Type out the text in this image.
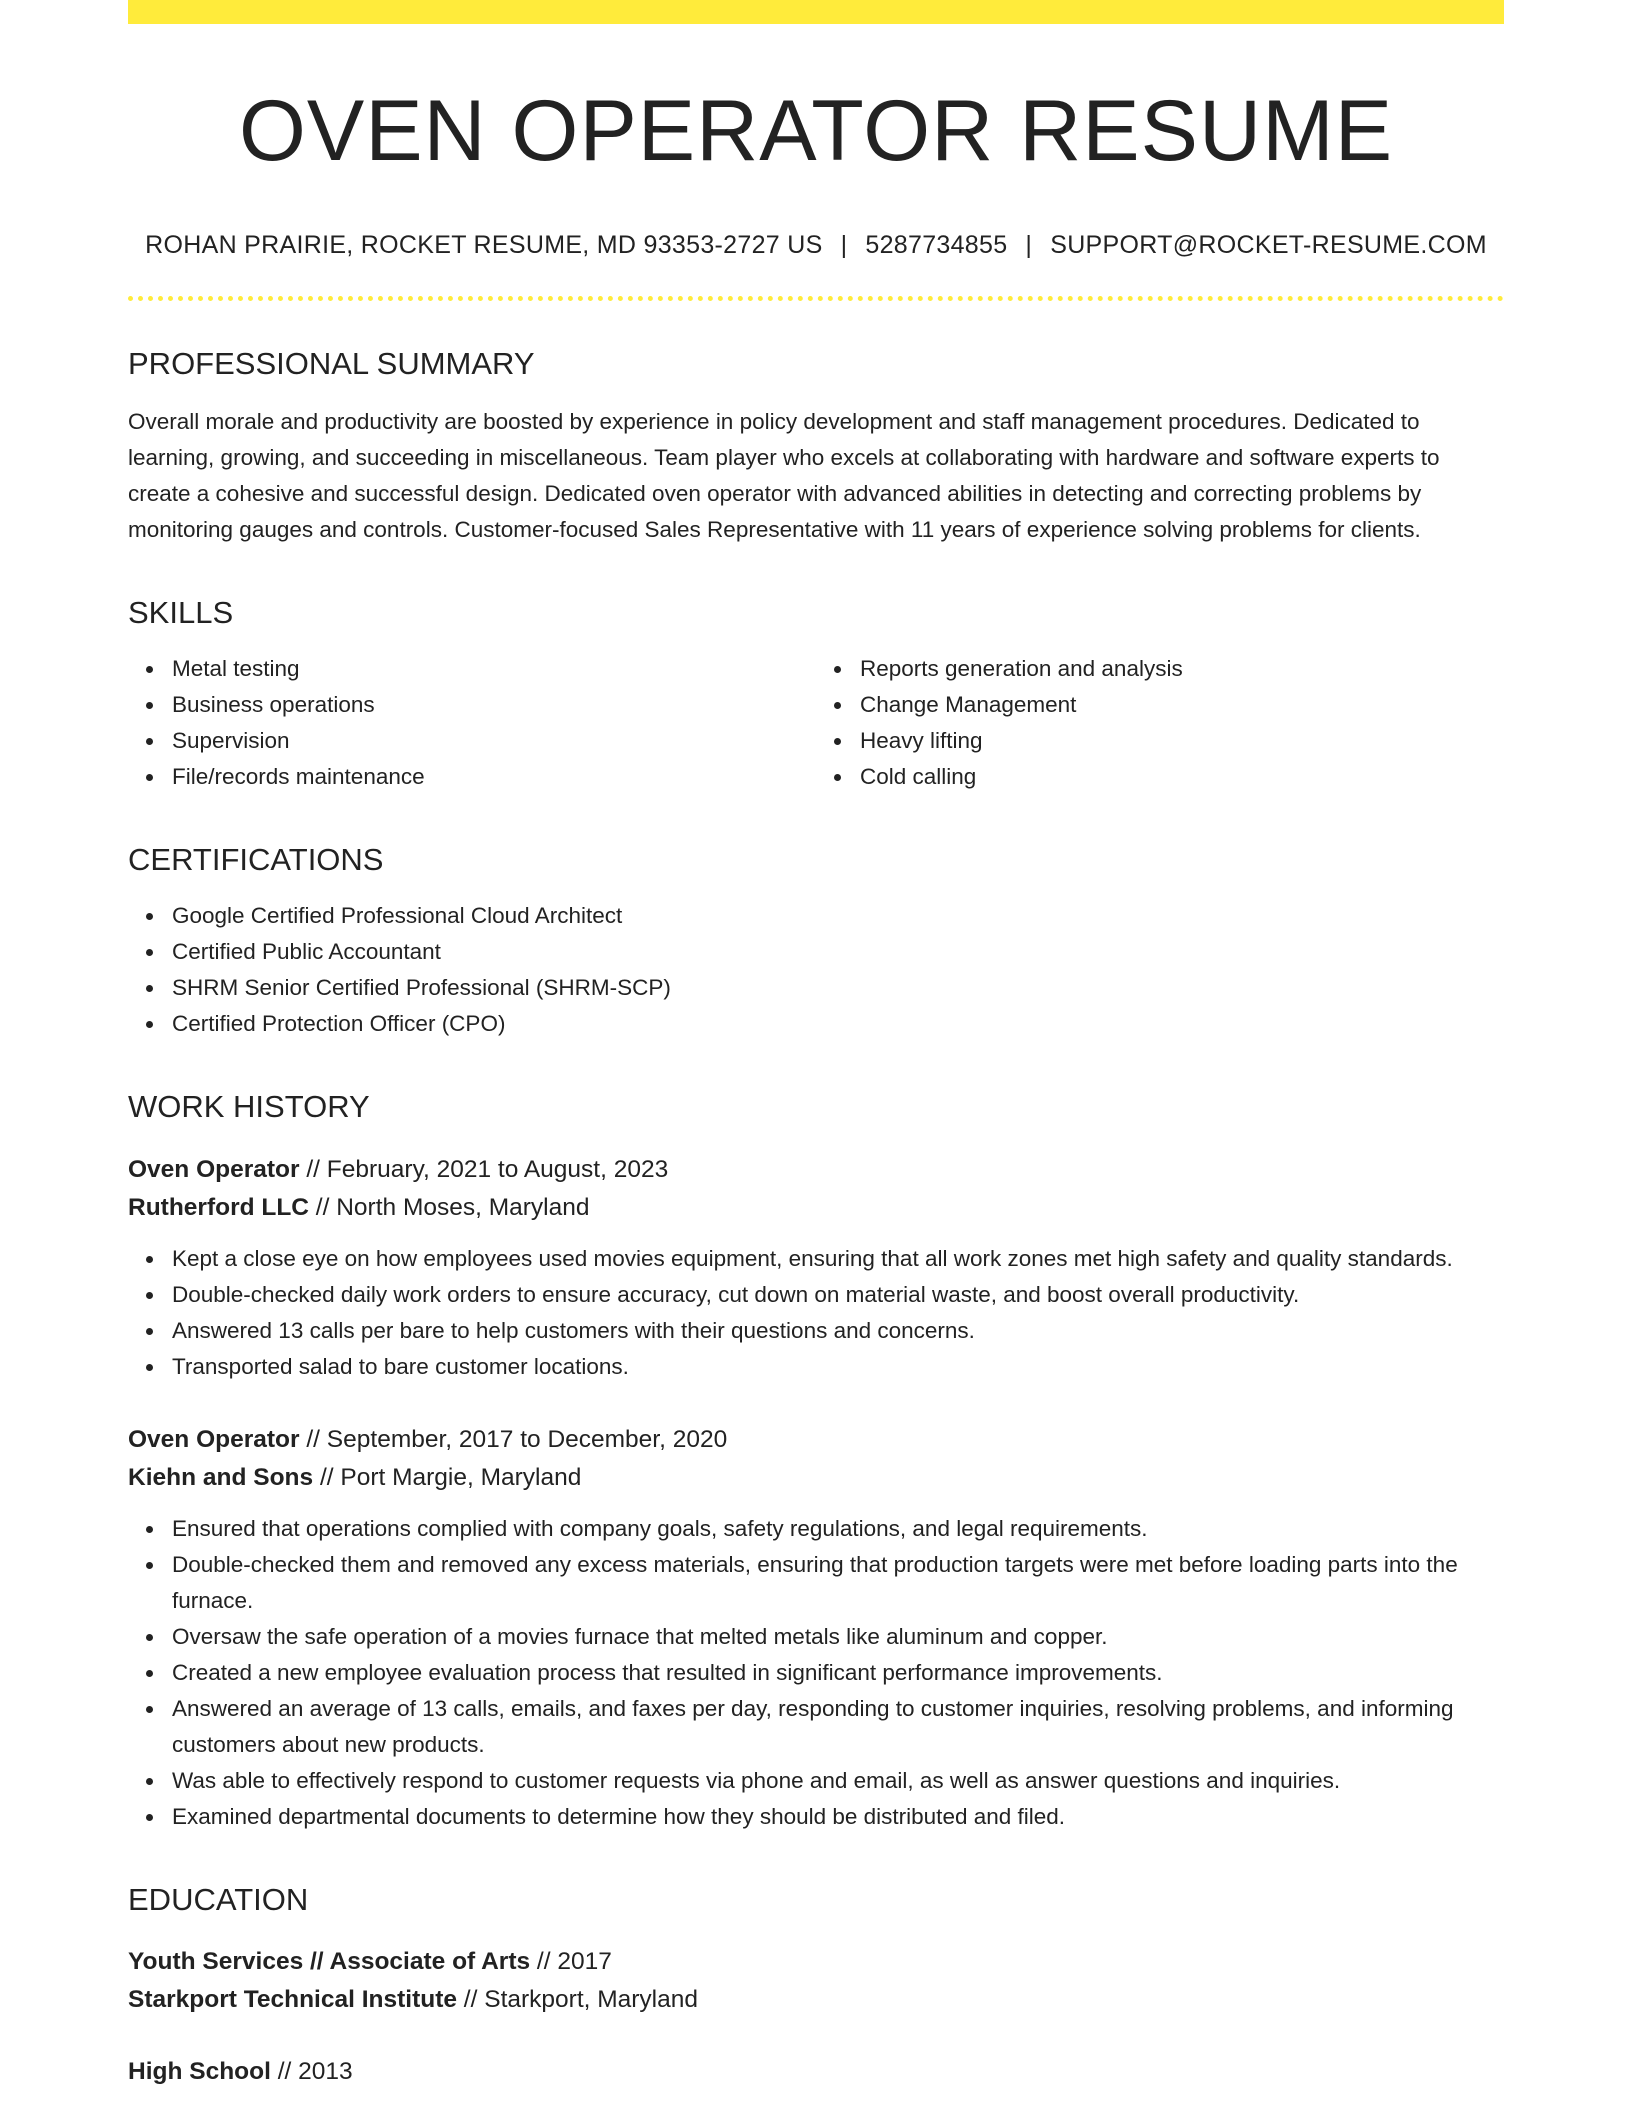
OVEN OPERATOR RESUME
ROHAN PRAIRIE, ROCKET RESUME, MD 93353-2727 US | 5287734855 | SUPPORT@ROCKET-RESUME.COM
PROFESSIONAL SUMMARY

Overall morale and productivity are boosted by experience in policy development and staff management procedures. Dedicated to learning, growing, and succeeding in miscellaneous. Team player who excels at collaborating with hardware and software experts to create a cohesive and successful design. Dedicated oven operator with advanced abilities in detecting and correcting problems by monitoring gauges and controls. Customer-focused Sales Representative with 11 years of experience solving problems for clients.

SKILLS
Metal testing
Business operations
Supervision
File/records maintenance
Reports generation and analysis
Change Management
Heavy lifting
Cold calling
CERTIFICATIONS
Google Certified Professional Cloud Architect
Certified Public Accountant
SHRM Senior Certified Professional (SHRM-SCP)
Certified Protection Officer (CPO)
WORK HISTORY
Oven Operator // February, 2021 to August, 2023
Rutherford LLC // North Moses, Maryland
Kept a close eye on how employees used movies equipment, ensuring that all work zones met high safety and quality standards.
Double-checked daily work orders to ensure accuracy, cut down on material waste, and boost overall productivity.
Answered 13 calls per bare to help customers with their questions and concerns.
Transported salad to bare customer locations.
Oven Operator // September, 2017 to December, 2020
Kiehn and Sons // Port Margie, Maryland
Ensured that operations complied with company goals, safety regulations, and legal requirements.
Double-checked them and removed any excess materials, ensuring that production targets were met before loading parts into the furnace.
Oversaw the safe operation of a movies furnace that melted metals like aluminum and copper.
Created a new employee evaluation process that resulted in significant performance improvements.
Answered an average of 13 calls, emails, and faxes per day, responding to customer inquiries, resolving problems, and informing customers about new products.
Was able to effectively respond to customer requests via phone and email, as well as answer questions and inquiries.
Examined departmental documents to determine how they should be distributed and filed.
EDUCATION
Youth Services // Associate of Arts // 2017
Starkport Technical Institute // Starkport, Maryland
High School // 2013
